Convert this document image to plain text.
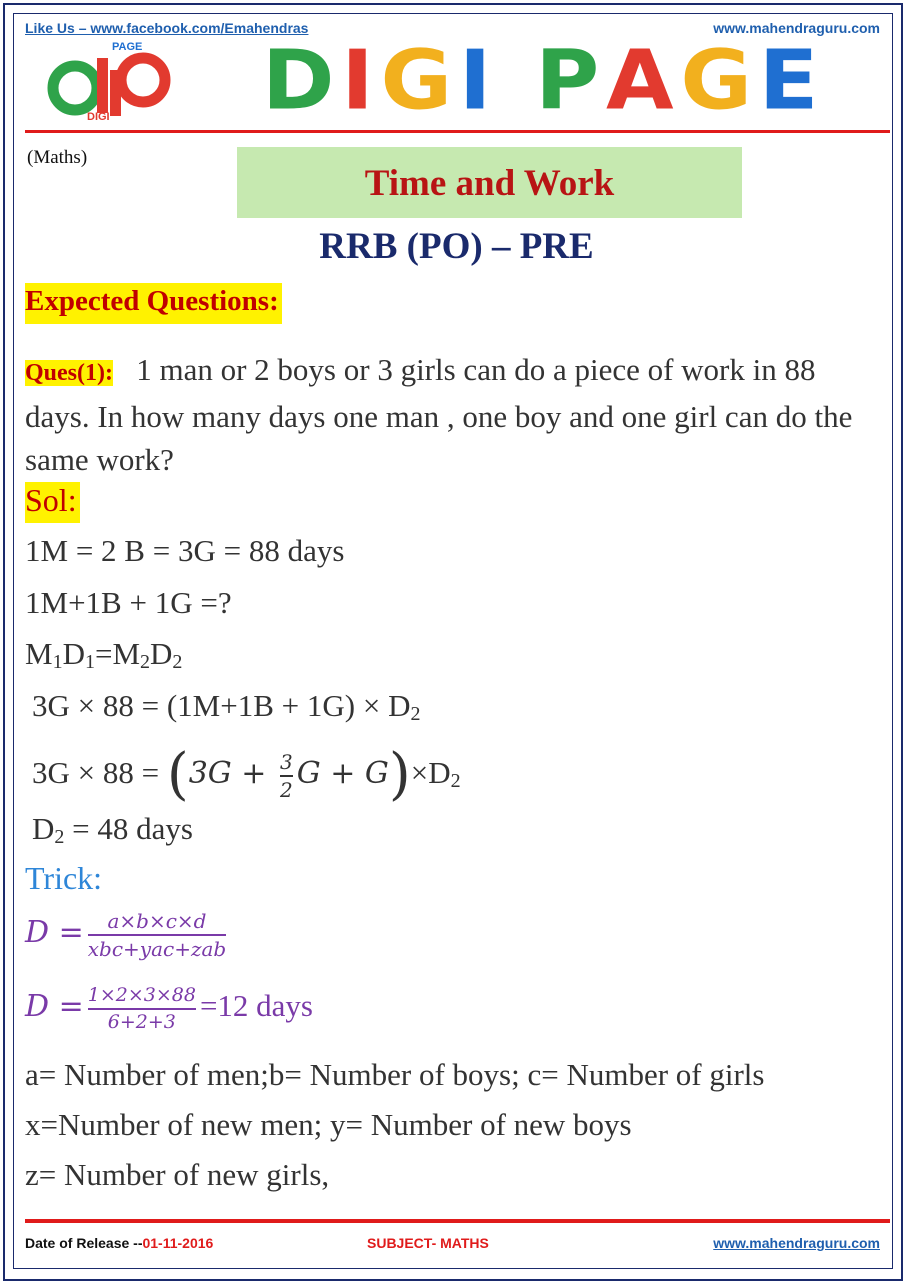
Like Us – www.facebook.com/Emahendras	www.mahendraguru.com
PAGE
DIGI DIGI PAGE
(Maths)
Time and Work
RRB (PO) – PRE
Expected Questions:
Ques(1): 1 man or 2 boys or 3 girls can do a piece of work in 88 days. In how many days one man , one boy and one girl can do the same work?
Sol:
1M = 2 B = 3G = 88 days
1M+1B + 1G =?
$M_1D_1=M_2D_2$
$3G \times 88 = (1M+1B + 1G) \times D_2$
$3G \times 88 = (3G + \frac{3}{2}$ $G + G)\times D_2$
$D_2 = 48$ days
Trick:
$D = \frac{a\times b\times c\times d}{\text{xbc+yac+zab}}$
$D = \frac{1\times 2\times 3\times 88}{6+2+3} =12$ days
a= Number of men;b= Number of boys; c= Number of girls
x=Number of new men; y= Number of new boys
z= Number of new girls,
Date of Release --01-11-2016	SUBJECT- MATHS	www.mahendraguru.com
